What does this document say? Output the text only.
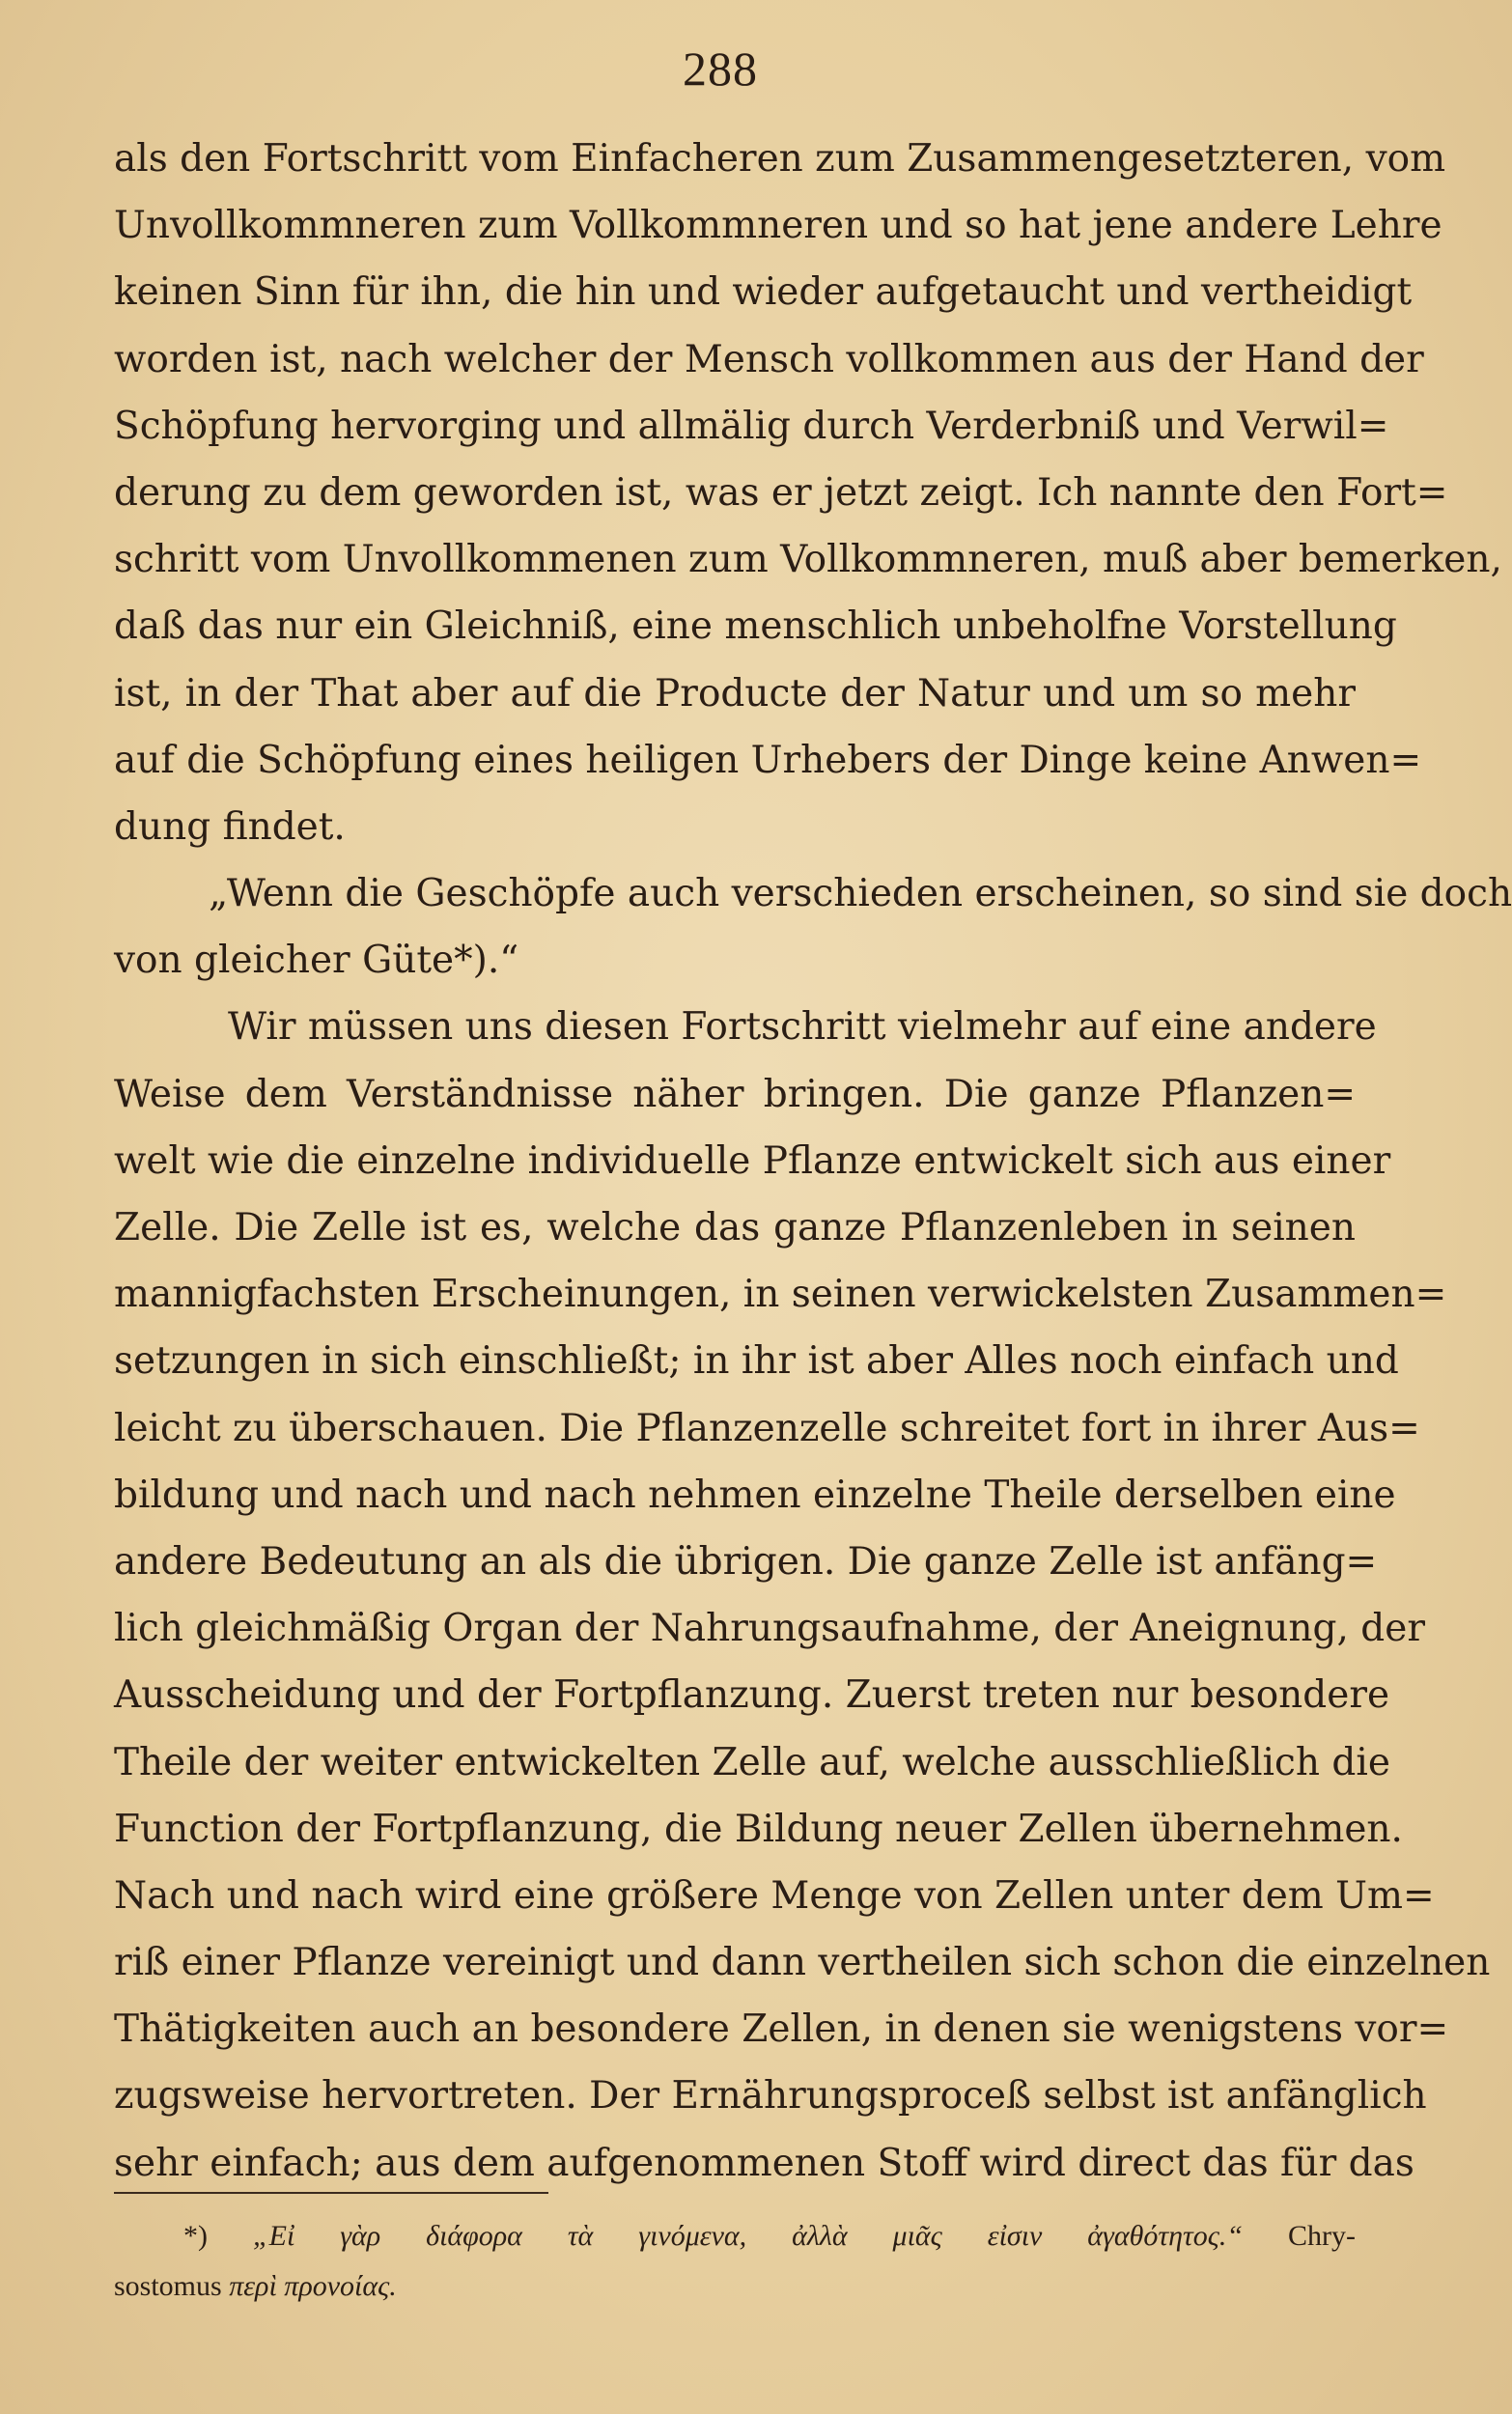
288
als den Fortschritt vom Einfacheren zum Zusammengesetzteren, vom
Unvollkommneren zum Vollkommneren und so hat jene andere Lehre
keinen Sinn für ihn, die hin und wieder aufgetaucht und vertheidigt
worden ist, nach welcher der Mensch vollkommen aus der Hand der
Schöpfung hervorging und allmälig durch Verderbniß und Verwil=
derung zu dem geworden ist, was er jetzt zeigt. Ich nannte den Fort=
schritt vom Unvollkommenen zum Vollkommneren, muß aber bemerken,
daß das nur ein Gleichniß, eine menschlich unbeholfne Vorstellung
ist, in der That aber auf die Producte der Natur und um so mehr
auf die Schöpfung eines heiligen Urhebers der Dinge keine Anwen=
dung findet.
„Wenn die Geschöpfe auch verschieden erscheinen, so sind sie doch
von gleicher Güte*).“
Wir müssen uns diesen Fortschritt vielmehr auf eine andere
Weise dem Verständnisse näher bringen. Die ganze Pflanzen=
welt wie die einzelne individuelle Pflanze entwickelt sich aus einer
Zelle. Die Zelle ist es, welche das ganze Pflanzenleben in seinen
mannigfachsten Erscheinungen, in seinen verwickelsten Zusammen=
setzungen in sich einschließt; in ihr ist aber Alles noch einfach und
leicht zu überschauen. Die Pflanzenzelle schreitet fort in ihrer Aus=
bildung und nach und nach nehmen einzelne Theile derselben eine
andere Bedeutung an als die übrigen. Die ganze Zelle ist anfäng=
lich gleichmäßig Organ der Nahrungsaufnahme, der Aneignung, der
Ausscheidung und der Fortpflanzung. Zuerst treten nur besondere
Theile der weiter entwickelten Zelle auf, welche ausschließlich die
Function der Fortpflanzung, die Bildung neuer Zellen übernehmen.
Nach und nach wird eine größere Menge von Zellen unter dem Um=
riß einer Pflanze vereinigt und dann vertheilen sich schon die einzelnen
Thätigkeiten auch an besondere Zellen, in denen sie wenigstens vor=
zugsweise hervortreten. Der Ernährungsproceß selbst ist anfänglich
sehr einfach; aus dem aufgenommenen Stoff wird direct das für das
*) „Εἰ γὰρ διάφορα τὰ γινόμενα, ἀλλὰ μιᾶς εἰσιν ἀγαθότητος.“ Chry-
sostomus περὶ προνοίας.
